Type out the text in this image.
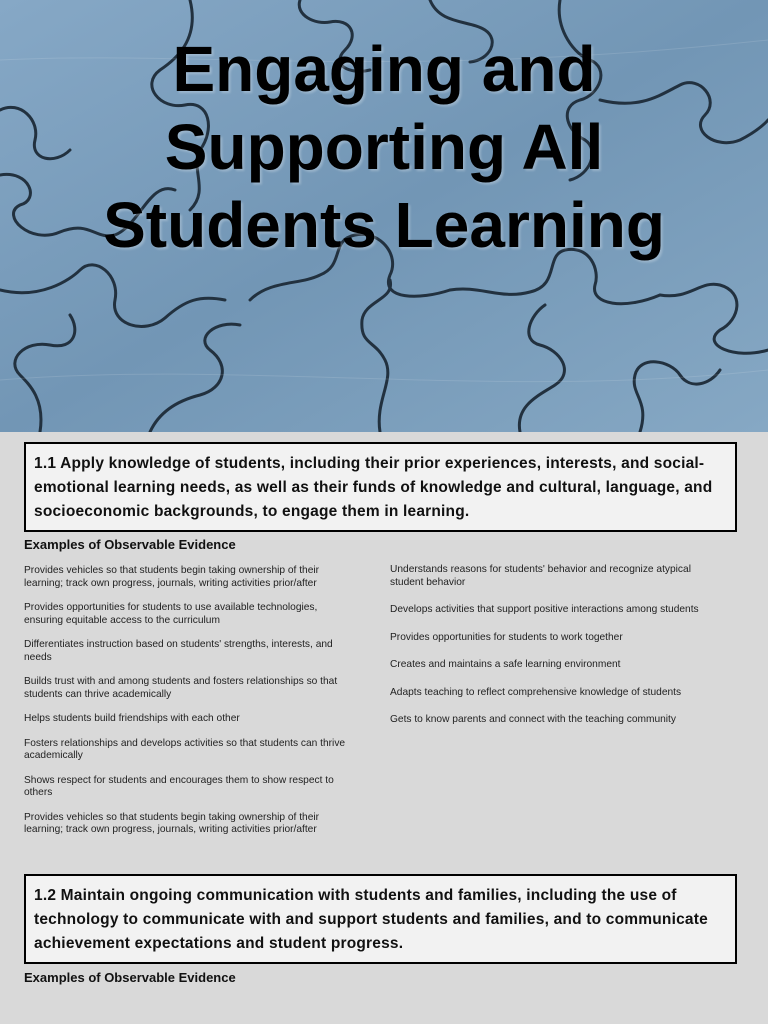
Engaging and
Supporting All
Students Learning
1.1 Apply knowledge of students, including their prior experiences, interests, and social-emotional learning needs, as well as their funds of knowledge and cultural, language, and socioeconomic backgrounds, to engage them in learning.
Examples of Observable Evidence

Provides vehicles so that students begin taking ownership of their learning; track own progress, journals, writing activities prior/after

Provides opportunities for students to use available technologies, ensuring equitable access to the curriculum

Differentiates instruction based on students' strengths, interests, and needs

Builds trust with and among students and fosters relationships so that students can thrive academically

Helps students build friendships with each other

Fosters relationships and develops activities so that students can thrive academically

Shows respect for students and encourages them to show respect to others

Provides vehicles so that students begin taking ownership of their learning; track own progress, journals, writing activities prior/after

Understands reasons for students' behavior and recognize atypical student behavior

Develops activities that support positive interactions among students

Provides opportunities for students to work together

Creates and maintains a safe learning environment

Adapts teaching to reflect comprehensive knowledge of students

Gets to know parents and connect with the teaching community

1.2 Maintain ongoing communication with students and families, including the use of technology to communicate with and support students and families, and to communicate achievement expectations and student progress.
Examples of Observable Evidence
